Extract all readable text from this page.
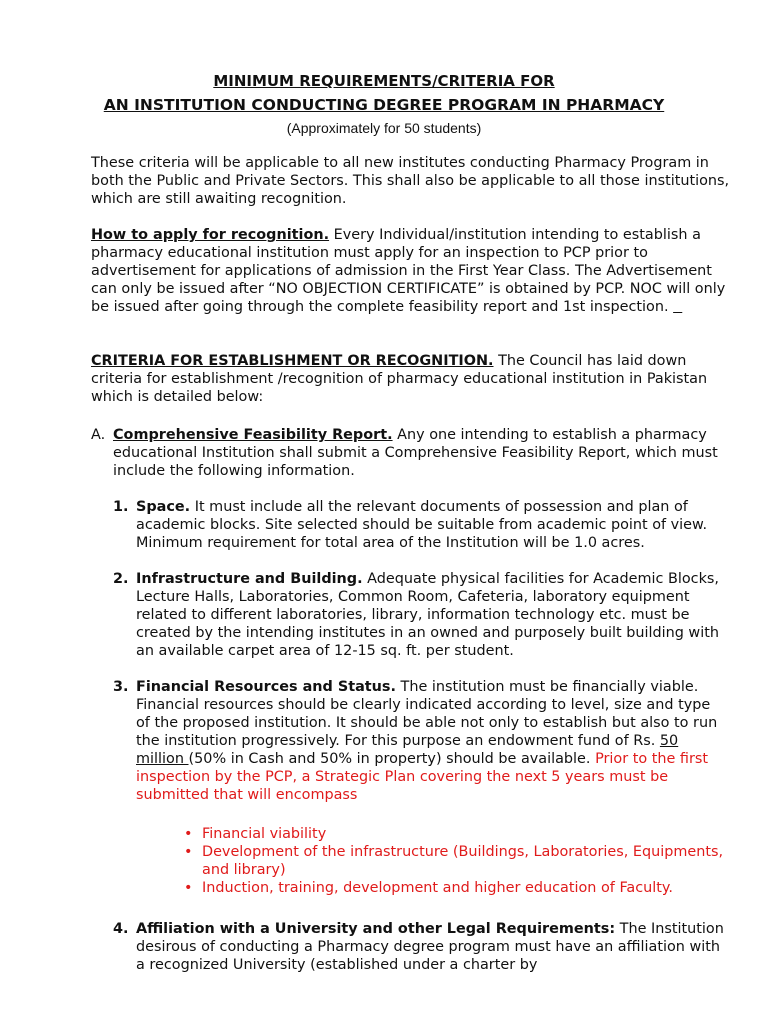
MINIMUM REQUIREMENTS/CRITERIA FOR
AN INSTITUTION CONDUCTING DEGREE PROGRAM IN PHARMACY
(Approximately for 50 students)
These criteria will be applicable to all new institutes conducting Pharmacy Program in both the Public and Private Sectors. This shall also be applicable to all those institutions, which are still awaiting recognition.
How to apply for recognition. Every Individual/institution intending to establish a pharmacy educational institution must apply for an inspection to PCP prior to advertisement for applications of admission in the First Year Class. The Advertisement can only be issued after “NO OBJECTION CERTIFICATE” is obtained by PCP. NOC will only be issued after going through the complete feasibility report and 1st inspection.
CRITERIA FOR ESTABLISHMENT OR RECOGNITION. The Council has laid down criteria for establishment /recognition of pharmacy educational institution in Pakistan which is detailed below:
A. Comprehensive Feasibility Report. Any one intending to establish a pharmacy educational Institution shall submit a Comprehensive Feasibility Report, which must include the following information.
1. Space. It must include all the relevant documents of possession and plan of academic blocks. Site selected should be suitable from academic point of view. Minimum requirement for total area of the Institution will be 1.0 acres.
2. Infrastructure and Building. Adequate physical facilities for Academic Blocks, Lecture Halls, Laboratories, Common Room, Cafeteria, laboratory equipment related to different laboratories, library, information technology etc. must be created by the intending institutes in an owned and purposely built building with an available carpet area of 12-15 sq. ft. per student.
3. Financial Resources and Status. The institution must be financially viable. Financial resources should be clearly indicated according to level, size and type of the proposed institution. It should be able not only to establish but also to run the institution progressively. For this purpose an endowment fund of Rs. 50 million (50% in Cash and 50% in property) should be available. Prior to the first inspection by the PCP, a Strategic Plan covering the next 5 years must be submitted that will encompass
• Financial viability
• Development of the infrastructure (Buildings, Laboratories, Equipments, and library)
• Induction, training, development and higher education of Faculty.
4. Affiliation with a University and other Legal Requirements: The Institution desirous of conducting a Pharmacy degree program must have an affiliation with a recognized University (established under a charter by
